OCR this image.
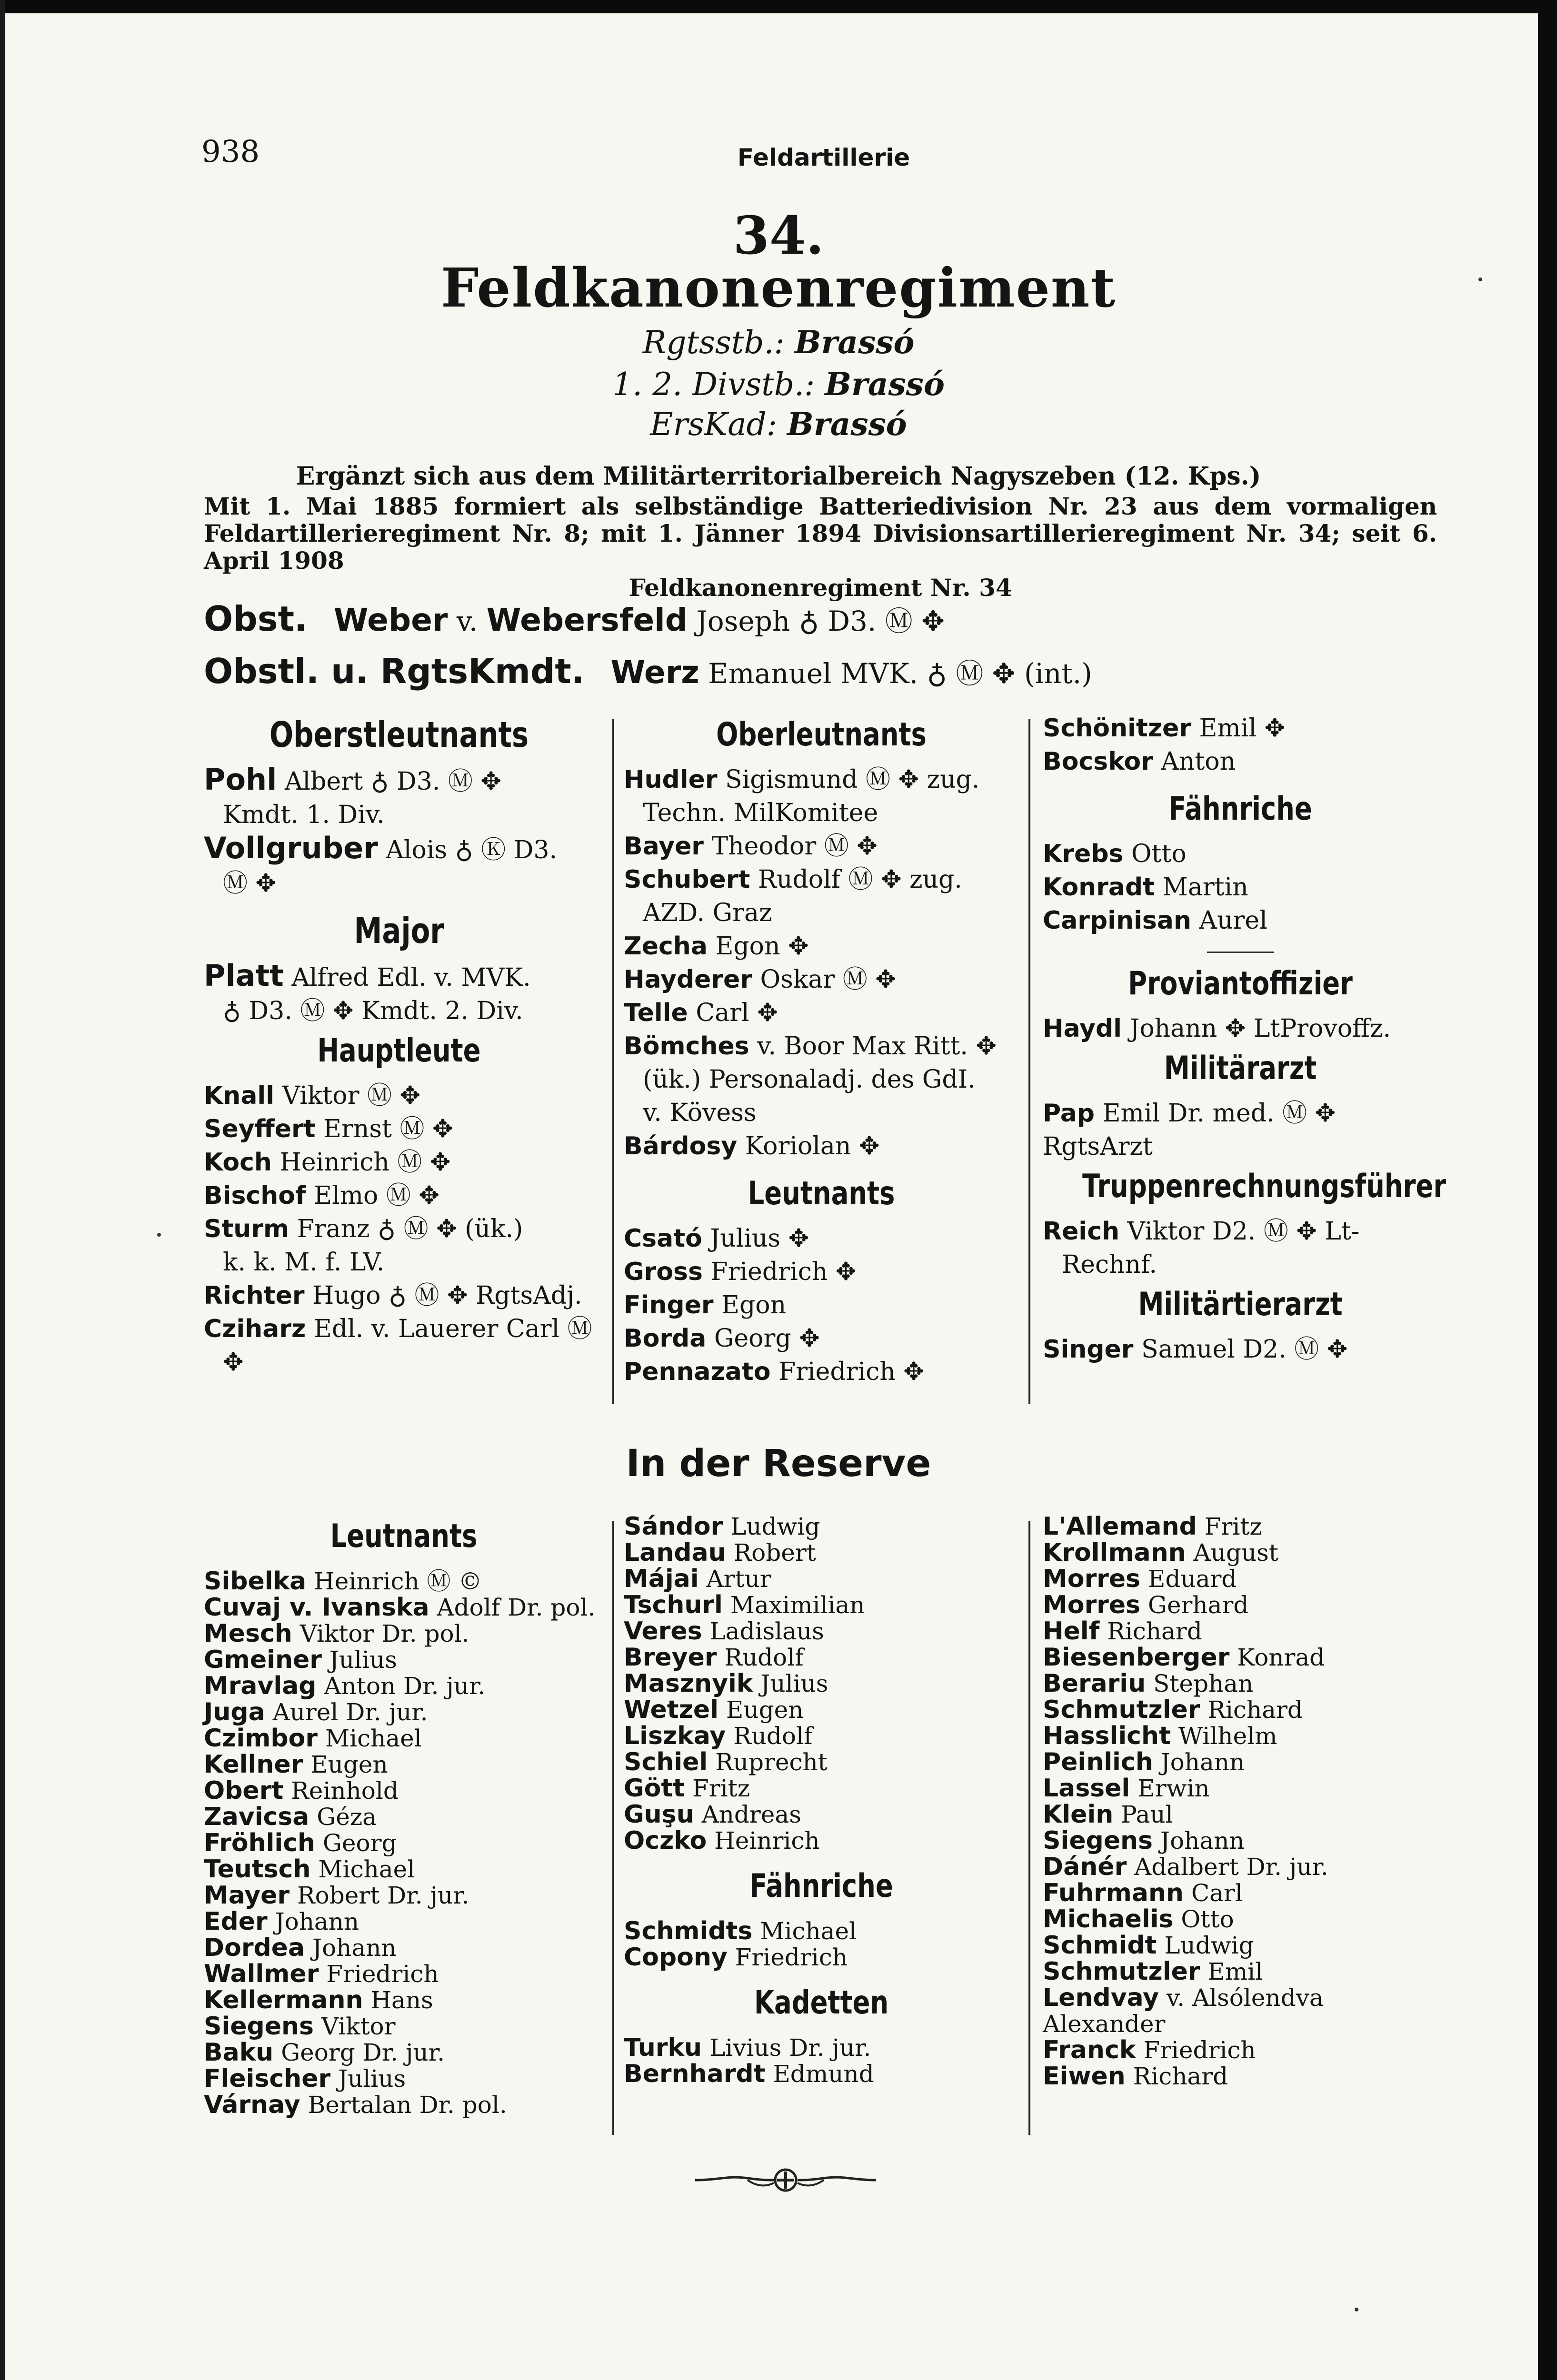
938	Feldartillerie
34.
Feldkanonenregiment
Rgtsstb.: Brassó
1. 2. Divstb.: Brassó
ErsKad: Brassó
Ergänzt sich aus dem Militärterritorialbereich Nagyszeben (12. Kps.)
Mit 1. Mai 1885 formiert als selbständige Batteriedivision Nr. 23 aus dem vormaligen Feldartillerieregiment Nr. 8; mit 1. Jänner 1894 Divisionsartillerieregiment Nr. 34; seit 6. April 1908
Feldkanonenregiment Nr. 34
Obst. Weber v. Webersfeld Joseph ♁ D3. Ⓜ ✥
Obstl. u. RgtsKmdt. Werz Emanuel MVK. ♁ Ⓜ ✥ (int.)
Oberstleutnants
Pohl Albert ♁ D3. Ⓜ ✥
Kmdt. 1. Div.
Vollgruber Alois ♁ Ⓚ D3.
Ⓜ ✥
Major
Platt Alfred Edl. v. MVK.
♁ D3. Ⓜ ✥ Kmdt. 2. Div.
Hauptleute
Knall Viktor Ⓜ ✥
Seyffert Ernst Ⓜ ✥
Koch Heinrich Ⓜ ✥
Bischof Elmo Ⓜ ✥
Sturm Franz ♁ Ⓜ ✥ (ük.)
k. k. M. f. LV.
Richter Hugo ♁ Ⓜ ✥ RgtsAdj.
Cziharz Edl. v. Lauerer Carl Ⓜ
✥
Oberleutnants
Hudler Sigismund Ⓜ ✥ zug.
Techn. MilKomitee
Bayer Theodor Ⓜ ✥
Schubert Rudolf Ⓜ ✥ zug.
AZD. Graz
Zecha Egon ✥
Hayderer Oskar Ⓜ ✥
Telle Carl ✥
Bömches v. Boor Max Ritt. ✥
(ük.) Personaladj. des GdI.
v. Kövess
Bárdosy Koriolan ✥
Leutnants
Csató Julius ✥
Gross Friedrich ✥
Finger Egon
Borda Georg ✥
Pennazato Friedrich ✥
Schönitzer Emil ✥
Bocskor Anton
Fähnriche
Krebs Otto
Konradt Martin
Carpinisan Aurel
Proviantoffizier
Haydl Johann ✥ LtProvoffz.
Militärarzt
Pap Emil Dr. med. Ⓜ ✥ RgtsArzt
Truppenrechnungsführer
Reich Viktor D2. Ⓜ ✥ Lt-
Rechnf.
Militärtierarzt
Singer Samuel D2. Ⓜ ✥
In der Reserve
Leutnants
Sibelka Heinrich Ⓜ ©
Cuvaj v. Ivanska Adolf Dr. pol.
Mesch Viktor Dr. pol.
Gmeiner Julius
Mravlag Anton Dr. jur.
Juga Aurel Dr. jur.
Czimbor Michael
Kellner Eugen
Obert Reinhold
Zavicsa Géza
Fröhlich Georg
Teutsch Michael
Mayer Robert Dr. jur.
Eder Johann
Dordea Johann
Wallmer Friedrich
Kellermann Hans
Siegens Viktor
Baku Georg Dr. jur.
Fleischer Julius
Várnay Bertalan Dr. pol.
Sándor Ludwig
Landau Robert
Májai Artur
Tschurl Maximilian
Veres Ladislaus
Breyer Rudolf
Masznyik Julius
Wetzel Eugen
Liszkay Rudolf
Schiel Ruprecht
Gött Fritz
Guşu Andreas
Oczko Heinrich
Fähnriche
Schmidts Michael
Copony Friedrich
Kadetten
Turku Livius Dr. jur.
Bernhardt Edmund
L'Allemand Fritz
Krollmann August
Morres Eduard
Morres Gerhard
Helf Richard
Biesenberger Konrad
Berariu Stephan
Schmutzler Richard
Hasslicht Wilhelm
Peinlich Johann
Lassel Erwin
Klein Paul
Siegens Johann
Dánér Adalbert Dr. jur.
Fuhrmann Carl
Michaelis Otto
Schmidt Ludwig
Schmutzler Emil
Lendvay v. Alsólendva Alexander
Franck Friedrich
Eiwen Richard
